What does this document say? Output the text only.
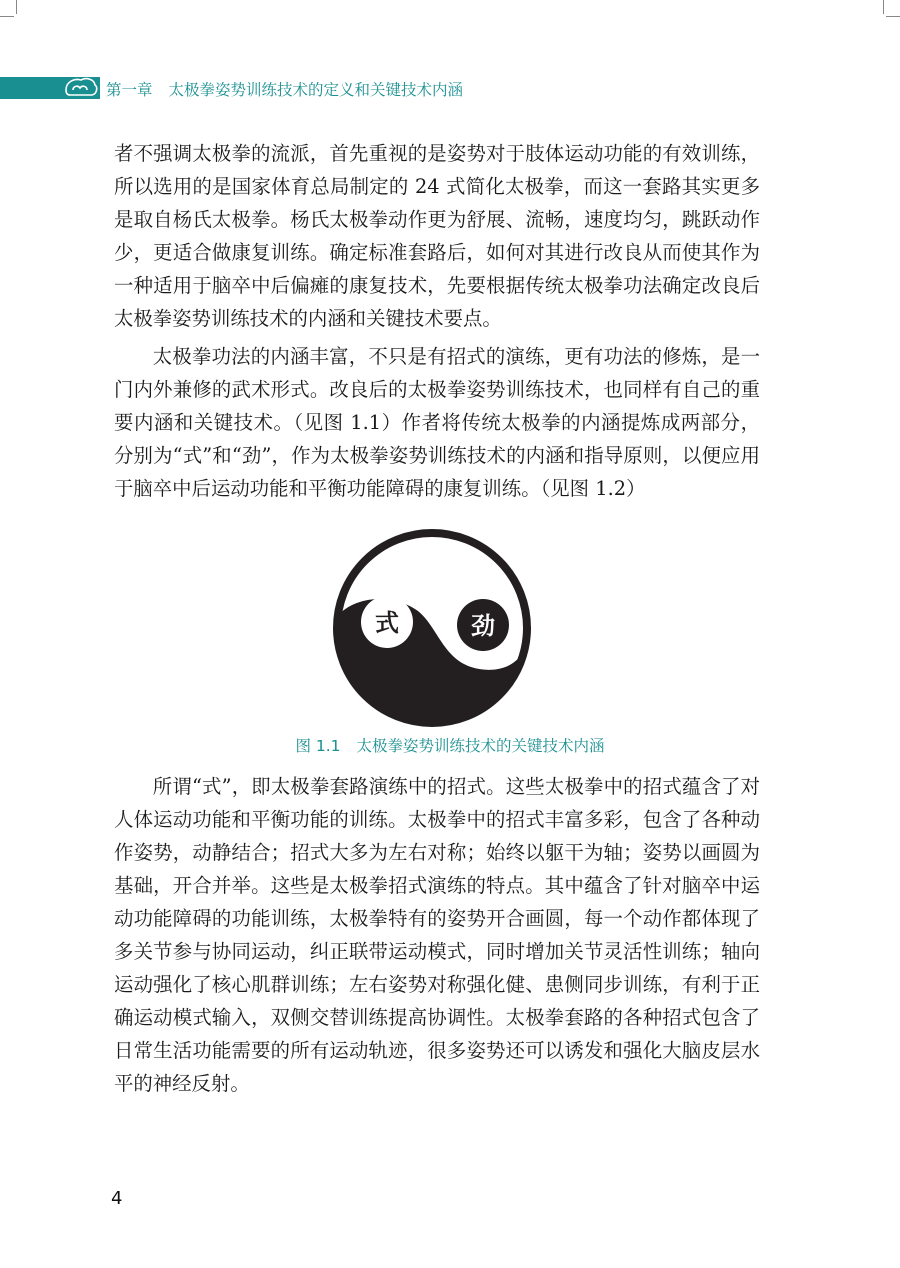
第一章 太极拳姿势训练技术的定义和关键技术内涵

者不强调太极拳的流派，首先重视的是姿势对于肢体运动功能的有效训练，所以选用的是国家体育总局制定的 24 式简化太极拳，而这一套路其实更多是取自杨氏太极拳。杨氏太极拳动作更为舒展、流畅，速度均匀，跳跃动作少，更适合做康复训练。确定标准套路后，如何对其进行改良从而使其作为一种适用于脑卒中后偏瘫的康复技术，先要根据传统太极拳功法确定改良后太极拳姿势训练技术的内涵和关键技术要点。

太极拳功法的内涵丰富，不只是有招式的演练，更有功法的修炼，是一门内外兼修的武术形式。改良后的太极拳姿势训练技术，也同样有自己的重要内涵和关键技术。（见图 1.1）作者将传统太极拳的内涵提炼成两部分，分别为“式”和“劲”，作为太极拳姿势训练技术的内涵和指导原则，以便应用于脑卒中后运动功能和平衡功能障碍的康复训练。（见图 1.2）

式	劲
图 1.1 太极拳姿势训练技术的关键技术内涵

所谓“式”，即太极拳套路演练中的招式。这些太极拳中的招式蕴含了对人体运动功能和平衡功能的训练。太极拳中的招式丰富多彩，包含了各种动作姿势，动静结合；招式大多为左右对称；始终以躯干为轴；姿势以画圆为基础，开合并举。这些是太极拳招式演练的特点。其中蕴含了针对脑卒中运动功能障碍的功能训练，太极拳特有的姿势开合画圆，每一个动作都体现了多关节参与协同运动，纠正联带运动模式，同时增加关节灵活性训练；轴向运动强化了核心肌群训练；左右姿势对称强化健、患侧同步训练，有利于正确运动模式输入，双侧交替训练提高协调性。太极拳套路的各种招式包含了日常生活功能需要的所有运动轨迹，很多姿势还可以诱发和强化大脑皮层水平的神经反射。

4
